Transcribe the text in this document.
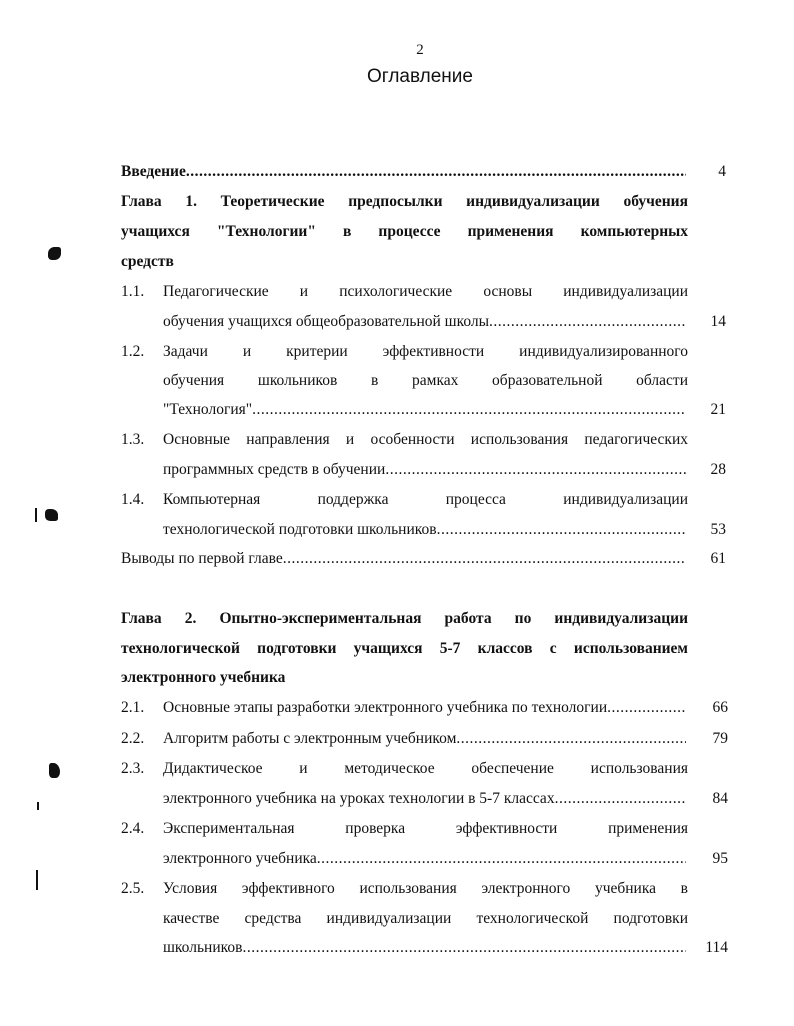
2
Оглавление
Введение .....	4
Глава 1. Теоретические предпосылки индивидуализации обучения
учащихся "Технологии" в процессе применения компьютерных
средств
1.1. Педагогические и психологические основы индивидуализации
обучения учащихся общеобразовательной школы .....	14
1.2. Задачи и критерии эффективности индивидуализированного
обучения школьников в рамках образовательной области
"Технология" .....	21
1.3. Основные направления и особенности использования педагогических
программных средств в обучении .....	28
1.4. Компьютерная поддержка процесса индивидуализации
технологической подготовки школьников .....	53
Выводы по первой главе .....	61
Глава 2. Опытно-экспериментальная работа по индивидуализации
технологической подготовки учащихся 5-7 классов с использованием
электронного учебника
2.1. Основные этапы разработки электронного учебника по технологии .....	66
2.2. Алгоритм работы с электронным учебником .....	79
2.3. Дидактическое и методическое обеспечение использования
электронного учебника на уроках технологии в 5-7 классах .....	84
2.4. Экспериментальная проверка эффективности применения
электронного учебника .....	95
2.5. Условия эффективного использования электронного учебника в
качестве средства индивидуализации технологической подготовки
школьников .....	114
